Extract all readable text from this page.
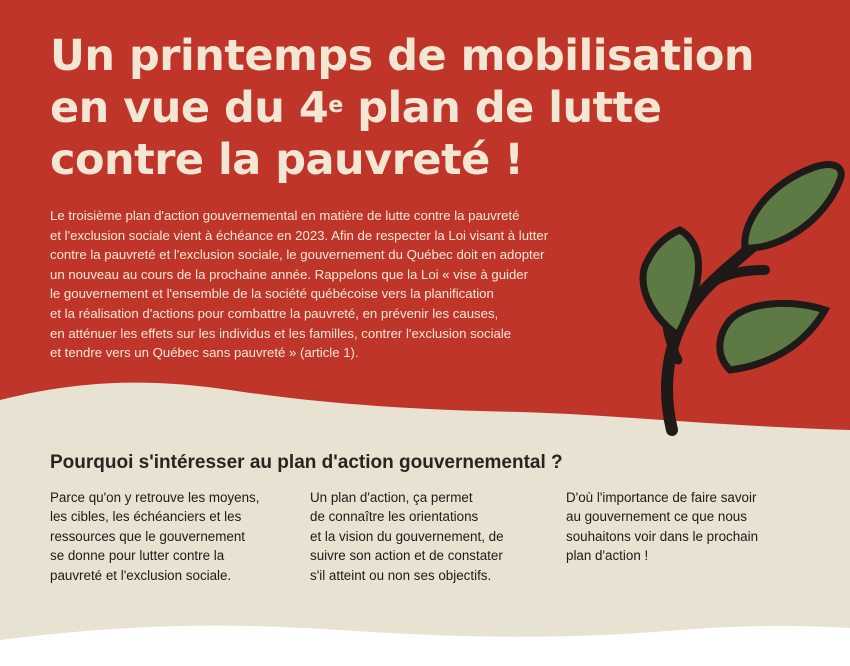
Un printemps de mobilisation
en vue du 4e plan de lutte
contre la pauvreté !
Le troisième plan d'action gouvernemental en matière de lutte contre la pauvreté
et l'exclusion sociale vient à échéance en 2023. Afin de respecter la Loi visant à lutter
contre la pauvreté et l'exclusion sociale, le gouvernement du Québec doit en adopter
un nouveau au cours de la prochaine année. Rappelons que la Loi « vise à guider
le gouvernement et l'ensemble de la société québécoise vers la planification
et la réalisation d'actions pour combattre la pauvreté, en prévenir les causes,
en atténuer les effets sur les individus et les familles, contrer l'exclusion sociale
et tendre vers un Québec sans pauvreté » (article 1).
Pourquoi s'intéresser au plan d'action gouvernemental ?
Parce qu'on y retrouve les moyens,
les cibles, les échéanciers et les
ressources que le gouvernement
se donne pour lutter contre la
pauvreté et l'exclusion sociale.
Un plan d'action, ça permet
de connaître les orientations
et la vision du gouvernement, de
suivre son action et de constater
s'il atteint ou non ses objectifs.
D'où l'importance de faire savoir
au gouvernement ce que nous
souhaitons voir dans le prochain
plan d'action !
